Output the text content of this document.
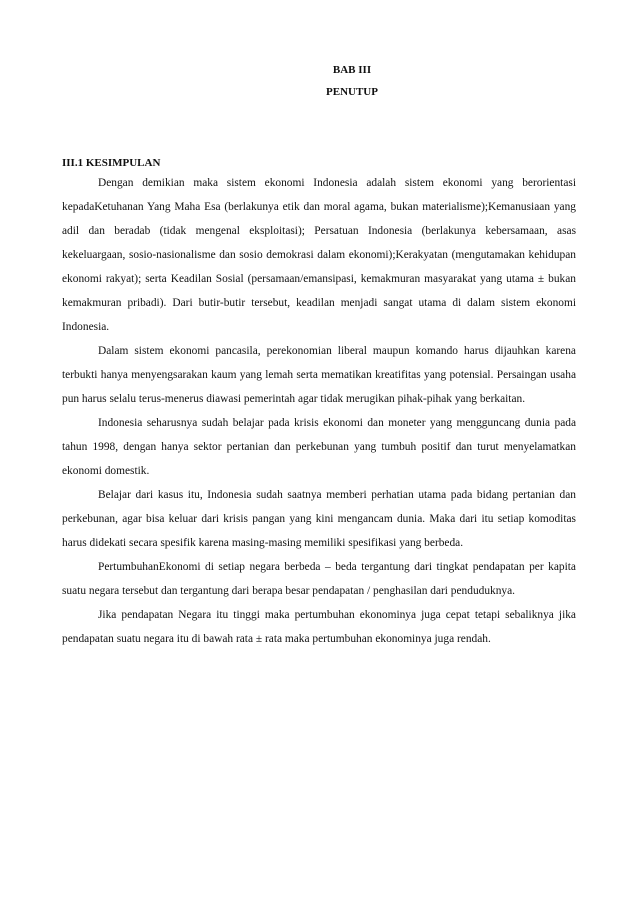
BAB III
PENUTUP
III.1 KESIMPULAN

Dengan demikian maka sistem ekonomi Indonesia adalah sistem ekonomi yang berorientasi kepadaKetuhanan Yang Maha Esa (berlakunya etik dan moral agama, bukan materialisme);Kemanusiaan yang adil dan beradab (tidak mengenal eksploitasi); Persatuan Indonesia (berlakunya kebersamaan, asas kekeluargaan, sosio-nasionalisme dan sosio demokrasi dalam ekonomi);Kerakyatan (mengutamakan kehidupan ekonomi rakyat); serta Keadilan Sosial (persamaan/emansipasi, kemakmuran masyarakat yang utama ± bukan kemakmuran pribadi). Dari butir-butir tersebut, keadilan menjadi sangat utama di dalam sistem ekonomi Indonesia.

Dalam sistem ekonomi pancasila, perekonomian liberal maupun komando harus dijauhkan karena terbukti hanya menyengsarakan kaum yang lemah serta mematikan kreatifitas yang potensial. Persaingan usaha pun harus selalu terus-menerus diawasi pemerintah agar tidak merugikan pihak-pihak yang berkaitan.

Indonesia seharusnya sudah belajar pada krisis ekonomi dan moneter yang mengguncang dunia pada tahun 1998, dengan hanya sektor pertanian dan perkebunan yang tumbuh positif dan turut menyelamatkan ekonomi domestik.

Belajar dari kasus itu, Indonesia sudah saatnya memberi perhatian utama pada bidang pertanian dan perkebunan, agar bisa keluar dari krisis pangan yang kini mengancam dunia. Maka dari itu setiap komoditas harus didekati secara spesifik karena masing-masing memiliki spesifikasi yang berbeda.

PertumbuhanEkonomi di setiap negara berbeda – beda tergantung dari tingkat pendapatan per kapita suatu negara tersebut dan tergantung dari berapa besar pendapatan / penghasilan dari penduduknya.

Jika pendapatan Negara itu tinggi maka pertumbuhan ekonominya juga cepat tetapi sebaliknya jika pendapatan suatu negara itu di bawah rata ± rata maka pertumbuhan ekonominya juga rendah.
